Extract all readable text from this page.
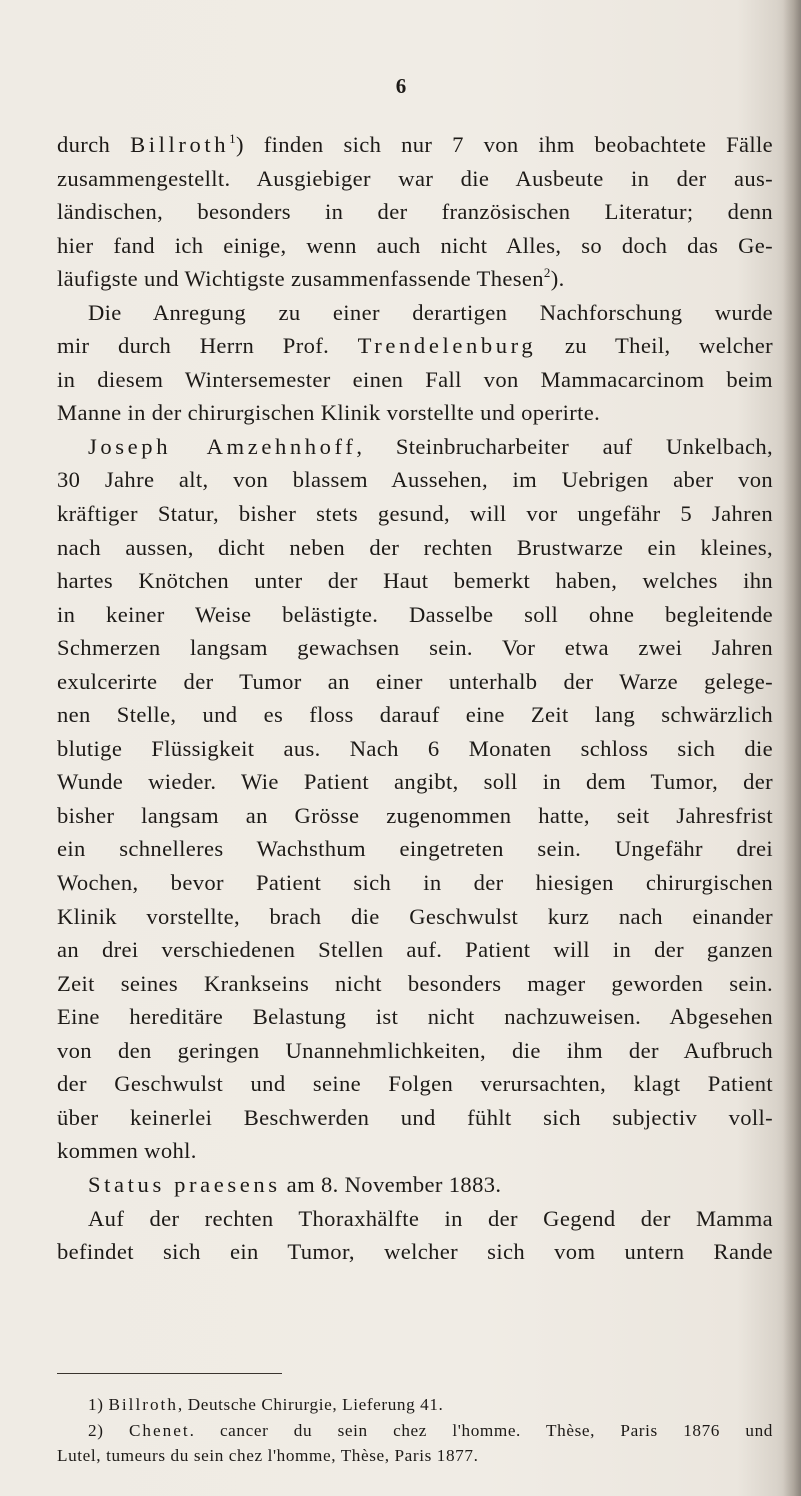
6

durch Billroth$^1$) finden sich nur 7 von ihm beobachtete Fälle

zusammengestellt. Ausgiebiger war die Ausbeute in der aus-

ländischen, besonders in der französischen Literatur; denn

hier fand ich einige, wenn auch nicht Alles, so doch das Ge-

läufigste und Wichtigste zusammenfassende Thesen$^2$).

Die Anregung zu einer derartigen Nachforschung wurde

mir durch Herrn Prof. Trendelenburg zu Theil, welcher

in diesem Wintersemester einen Fall von Mammacarcinom beim

Manne in der chirurgischen Klinik vorstellte und operirte.

Joseph Amzehnhoff, Steinbrucharbeiter auf Unkelbach,

30 Jahre alt, von blassem Aussehen, im Uebrigen aber von

kräftiger Statur, bisher stets gesund, will vor ungefähr 5 Jahren

nach aussen, dicht neben der rechten Brustwarze ein kleines,

hartes Knötchen unter der Haut bemerkt haben, welches ihn

in keiner Weise belästigte. Dasselbe soll ohne begleitende

Schmerzen langsam gewachsen sein. Vor etwa zwei Jahren

exulcerirte der Tumor an einer unterhalb der Warze gelege-

nen Stelle, und es floss darauf eine Zeit lang schwärzlich

blutige Flüssigkeit aus. Nach 6 Monaten schloss sich die

Wunde wieder. Wie Patient angibt, soll in dem Tumor, der

bisher langsam an Grösse zugenommen hatte, seit Jahresfrist

ein schnelleres Wachsthum eingetreten sein. Ungefähr drei

Wochen, bevor Patient sich in der hiesigen chirurgischen

Klinik vorstellte, brach die Geschwulst kurz nach einander

an drei verschiedenen Stellen auf. Patient will in der ganzen

Zeit seines Krankseins nicht besonders mager geworden sein.

Eine hereditäre Belastung ist nicht nachzuweisen. Abgesehen

von den geringen Unannehmlichkeiten, die ihm der Aufbruch

der Geschwulst und seine Folgen verursachten, klagt Patient

über keinerlei Beschwerden und fühlt sich subjectiv voll-

kommen wohl.

Status praesens am 8. November 1883.

Auf der rechten Thoraxhälfte in der Gegend der Mamma

befindet sich ein Tumor, welcher sich vom untern Rande

1) Billroth, Deutsche Chirurgie, Lieferung 41.

2) Chenet. cancer du sein chez l'homme. Thèse, Paris 1876 und

Lutel, tumeurs du sein chez l'homme, Thèse, Paris 1877.
